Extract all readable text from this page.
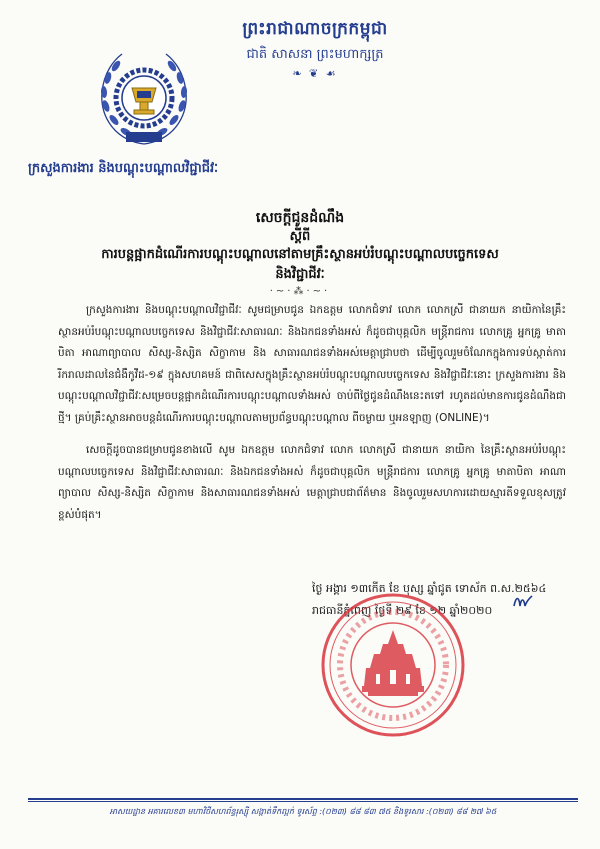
ព្រះរាជាណាចក្រកម្ពុជា
ជាតិ សាសនា ព្រះមហាក្សត្រ
❧ ❦ ☙
ក្រសួងការងារ និងបណ្តុះបណ្តាលវិជ្ជាជីវៈ
សេចក្តីជូនដំណឹង
ស្តីពី
ការបន្តផ្អាកដំណើរការបណ្តុះបណ្តាលនៅតាមគ្រឹះស្ថានអប់រំបណ្តុះបណ្តាលបច្ចេកទេស
និងវិជ្ជាជីវៈ
·~·⁂·~·
ក្រសួងការងារ និងបណ្តុះបណ្តាលវិជ្ជាជីវៈ សូមជម្រាបជូន ឯកឧត្តម លោកជំទាវ លោក លោកស្រី ជានាយក នាយិកានៃគ្រឹះស្ថានអប់រំបណ្តុះបណ្តាលបច្ចេកទេស និងវិជ្ជាជីវៈសាធារណៈ និងឯកជនទាំងអស់ ក៏ដូចជាបុគ្គលិក មន្ត្រីរាជការ លោកគ្រូ អ្នកគ្រូ មាតាបិតា អាណាព្យាបាល សិស្ស-និស្សិត សិក្ខាកាម និង សាធារណជនទាំងអស់មេត្តាជ្រាបថា ដើម្បីចូលរួមចំណែកក្នុងការទប់ស្កាត់ការរីករាលដាលនៃជំងឺកូវីដ-១៩ ក្នុងសហគមន៍ ជាពិសេសក្នុងគ្រឹះស្ថានអប់រំបណ្តុះបណ្តាលបច្ចេកទេស និងវិជ្ជាជីវៈនោះ ក្រសួងការងារ និង បណ្តុះបណ្តាលវិជ្ជាជីវៈសម្រេចបន្តផ្អាកដំណើរការបណ្តុះបណ្តាលទាំងអស់ ចាប់ពីថ្ងៃជូនដំណឹងនេះតទៅ រហូតដល់មានការជូនដំណឹងជាថ្មី។ គ្រប់គ្រឹះស្ថានអាចបន្តដំណើរការបណ្តុះបណ្តាលតាមប្រព័ន្ធបណ្តុះបណ្តាល ពីចម្ងាយ ឬអនឡាញ (ONLINE)។
សេចក្តីដូចបានជម្រាបជូនខាងលើ សូម ឯកឧត្តម លោកជំទាវ លោក លោកស្រី ជានាយក នាយិកា នៃគ្រឹះស្ថានអប់រំបណ្តុះបណ្តាលបច្ចេកទេស និងវិជ្ជាជីវៈសាធារណៈ និងឯកជនទាំងអស់ ក៏ដូចជាបុគ្គលិក មន្ត្រីរាជការ លោកគ្រូ អ្នកគ្រូ មាតាបិតា អាណាព្យាបាល សិស្ស-និស្សិត សិក្ខាកាម និងសាធារណជនទាំងអស់ មេត្តាជ្រាបជាព័ត៌មាន និងចូលរួមសហការដោយស្មារតីទទួលខុសត្រូវខ្ពស់បំផុត។
ថ្ងៃ អង្គារ ១៣កើត ខែ បុស្ស ឆ្នាំជូត ទោស័ក ព.ស.២៥៦៤
រាជធានីភ្នំពេញ ថ្ងៃទី ២៩ ខែ ១២ ឆ្នាំ២០២០
អាសយដ្ឋាន អគារលេខ៣ មហាវិថីសហព័ន្ធរុស្ស៊ី សង្កាត់ទឹកល្អក់ ទូរស័ព្ទ :(០២៣) ៨៨ ៨៣ ៧៥ និងទូរសារ :(០២៣) ៨៨ ២៧ ៦៥
